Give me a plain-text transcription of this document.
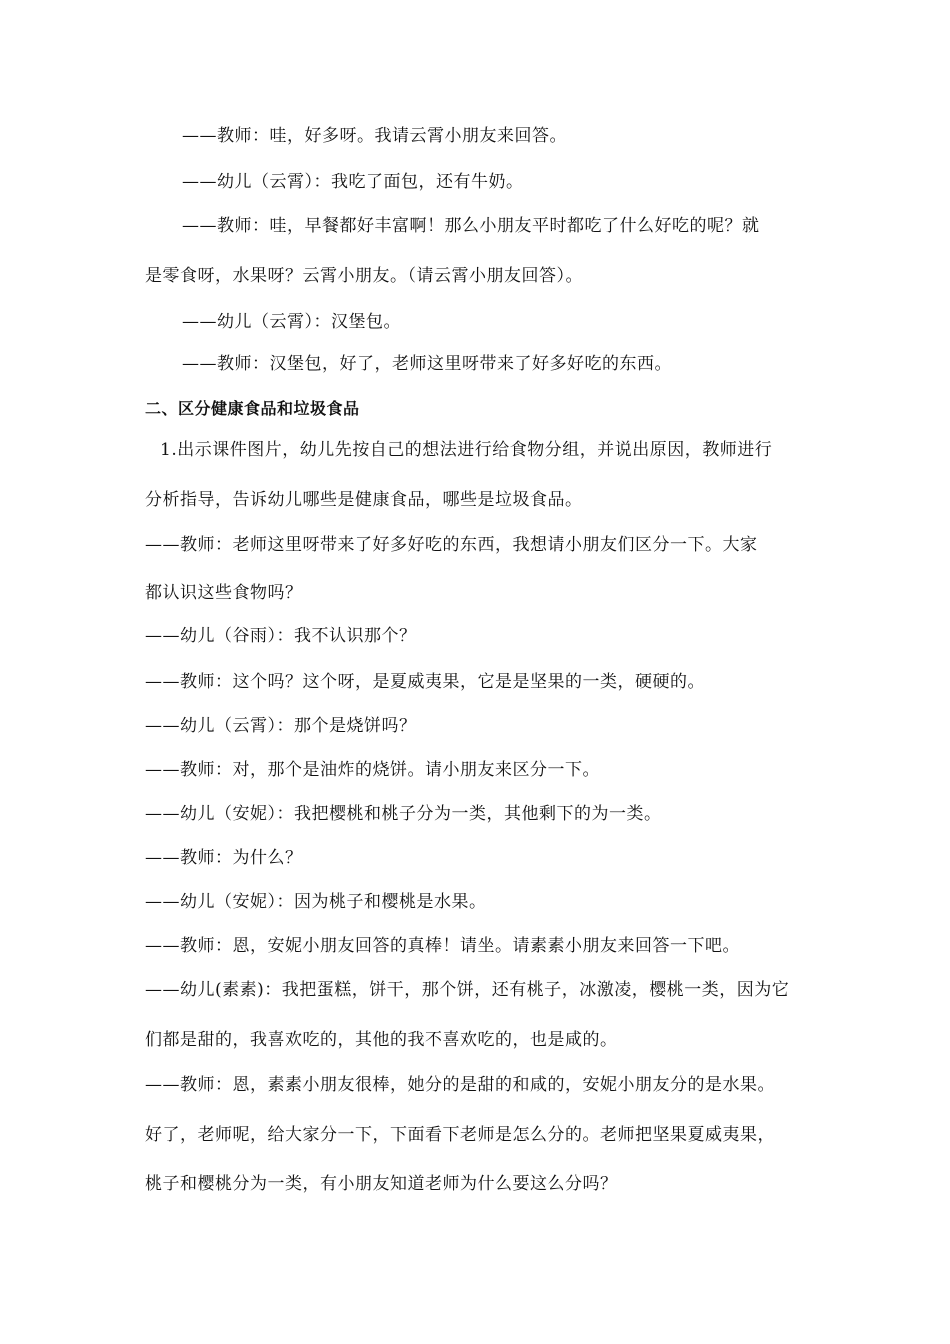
——教师：哇，好多呀。我请云霄小朋友来回答。
——幼儿（云霄）：我吃了面包，还有牛奶。
——教师：哇，早餐都好丰富啊！那么小朋友平时都吃了什么好吃的呢？就
是零食呀，水果呀？云霄小朋友。（请云霄小朋友回答）。
——幼儿（云霄）：汉堡包。
——教师：汉堡包，好了，老师这里呀带来了好多好吃的东西。
二、区分健康食品和垃圾食品
1.出示课件图片，幼儿先按自己的想法进行给食物分组，并说出原因，教师进行
分析指导，告诉幼儿哪些是健康食品，哪些是垃圾食品。
——教师：老师这里呀带来了好多好吃的东西，我想请小朋友们区分一下。大家
都认识这些食物吗？
——幼儿（谷雨）：我不认识那个？
——教师：这个吗？这个呀，是夏威夷果，它是是坚果的一类，硬硬的。
——幼儿（云霄）：那个是烧饼吗？
——教师：对，那个是油炸的烧饼。请小朋友来区分一下。
——幼儿（安妮）：我把樱桃和桃子分为一类，其他剩下的为一类。
——教师：为什么？
——幼儿（安妮）：因为桃子和樱桃是水果。
——教师：恩，安妮小朋友回答的真棒！请坐。请素素小朋友来回答一下吧。
——幼儿(素素)：我把蛋糕，饼干，那个饼，还有桃子，冰激凌，樱桃一类，因为它
们都是甜的，我喜欢吃的，其他的我不喜欢吃的，也是咸的。
——教师：恩，素素小朋友很棒，她分的是甜的和咸的，安妮小朋友分的是水果。
好了，老师呢，给大家分一下，下面看下老师是怎么分的。老师把坚果夏威夷果，
桃子和樱桃分为一类，有小朋友知道老师为什么要这么分吗？
